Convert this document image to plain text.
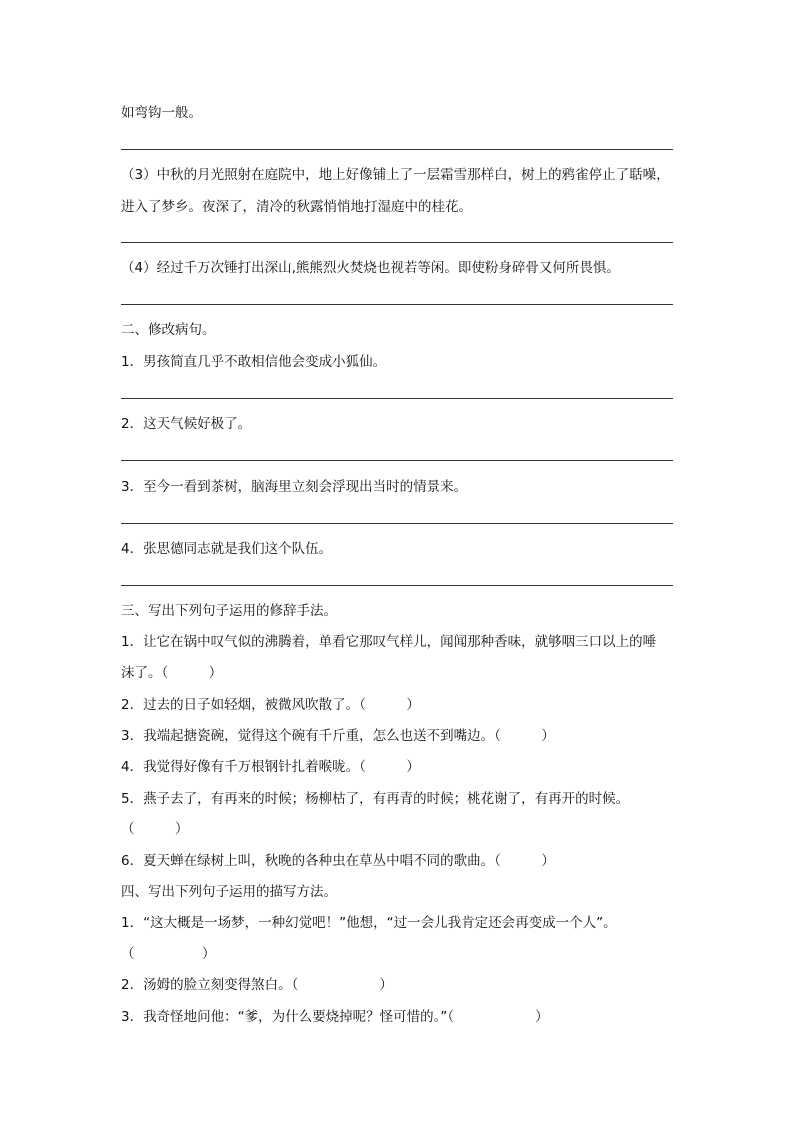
如弯钩一般。
（3）中秋的月光照射在庭院中，地上好像铺上了一层霜雪那样白，树上的鸦雀停止了聒噪，
进入了梦乡。夜深了，清冷的秋露悄悄地打湿庭中的桂花。
（4）经过千万次锤打出深山,熊熊烈火焚烧也视若等闲。即使粉身碎骨又何所畏惧。
二、修改病句。
1．男孩简直几乎不敢相信他会变成小狐仙。
2．这天气候好极了。
3．至今一看到茶树，脑海里立刻会浮现出当时的情景来。
4．张思德同志就是我们这个队伍。
三、写出下列句子运用的修辞手法。
1．让它在锅中叹气似的沸腾着，单看它那叹气样儿，闻闻那种香味，就够咽三口以上的唾
沫了。（　　　）
2．过去的日子如轻烟，被微风吹散了。（　　　）
3．我端起搪瓷碗，觉得这个碗有千斤重，怎么也送不到嘴边。（　　　）
4．我觉得好像有千万根钢针扎着喉咙。（　　　）
5．燕子去了，有再来的时候；杨柳枯了，有再青的时候；桃花谢了，有再开的时候。
（　　　）
6．夏天蝉在绿树上叫，秋晚的各种虫在草丛中唱不同的歌曲。（　　　）
四、写出下列句子运用的描写方法。
1．“这大概是一场梦，一种幻觉吧！”他想，“过一会儿我肯定还会再变成一个人”。
（　　　　　）
2．汤姆的脸立刻变得煞白。（　　　　　　）
3．我奇怪地问他：“爹，为什么要烧掉呢？怪可惜的。”（　　　　　　）
